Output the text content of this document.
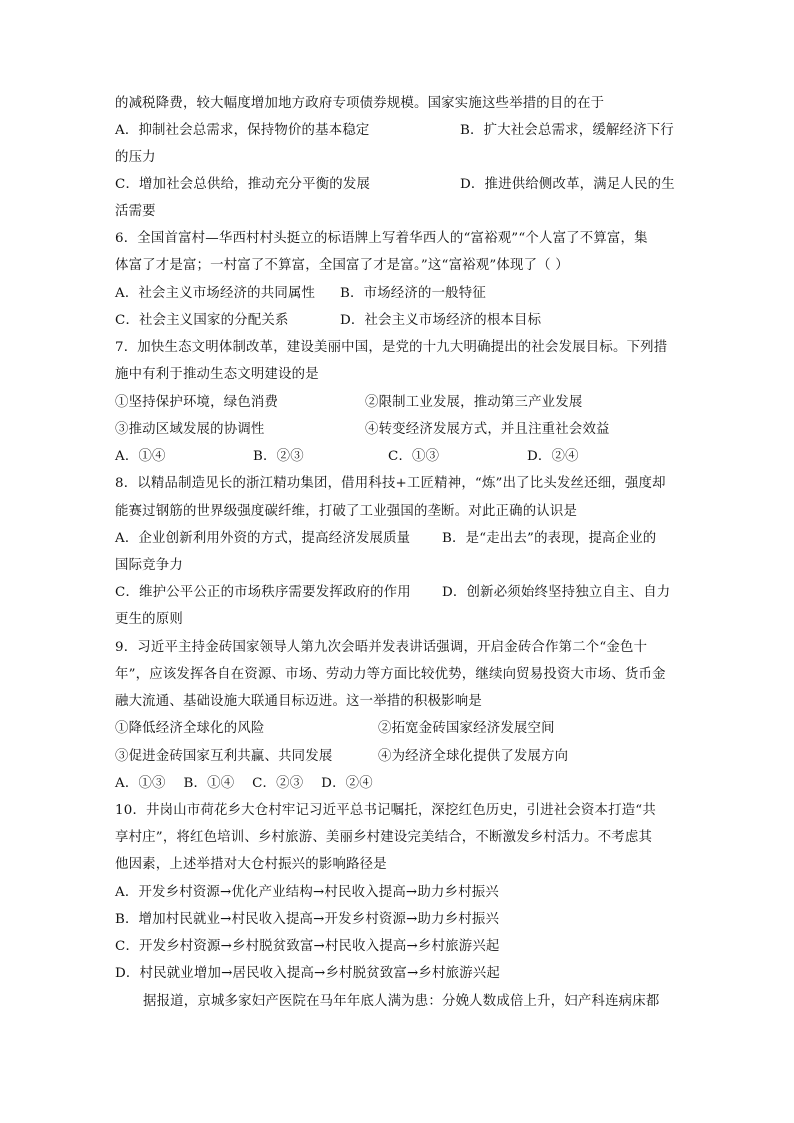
的减税降费，较大幅度增加地方政府专项债券规模。国家实施这些举措的目的在于
A．抑制社会总需求，保持物价的基本稳定	B．扩大社会总需求，缓解经济下行
的压力
C．增加社会总供给，推动充分平衡的发展	D．推进供给侧改革，满足人民的生
活需要
6．全国首富村—华西村村头挺立的标语牌上写着华西人的“富裕观”“个人富了不算富，集
体富了才是富；一村富了不算富，全国富了才是富。”这“富裕观”体现了（ ）
A．社会主义市场经济的共同属性 B．市场经济的一般特征
C．社会主义国家的分配关系	D．社会主义市场经济的根本目标
7．加快生态文明体制改革，建设美丽中国，是党的十九大明确提出的社会发展目标。下列措
施中有利于推动生态文明建设的是
①坚持保护环境，绿色消费	②限制工业发展，推动第三产业发展
③推动区域发展的协调性	④转变经济发展方式，并且注重社会效益
A．①④	B．②③	C．①③	D．②④
8．以精品制造见长的浙江精功集团，借用科技+工匠精神，“炼”出了比头发丝还细，强度却
能赛过钢筋的世界级强度碳纤维，打破了工业强国的垄断。对此正确的认识是
A．企业创新利用外资的方式，提高经济发展质量 B．是“走出去”的表现，提高企业的
国际竞争力
C．维护公平公正的市场秩序需要发挥政府的作用 D．创新必须始终坚持独立自主、自力
更生的原则
9．习近平主持金砖国家领导人第九次会晤并发表讲话强调，开启金砖合作第二个“金色十
年”，应该发挥各自在资源、市场、劳动力等方面比较优势，继续向贸易投资大市场、货币金
融大流通、基础设施大联通目标迈进。这一举措的积极影响是
①降低经济全球化的风险	②拓宽金砖国家经济发展空间
③促进金砖国家互利共赢、共同发展	④为经济全球化提供了发展方向
A．①③    B．①④    C．②③    D．②④
10．井岗山市荷花乡大仓村牢记习近平总书记嘱托，深挖红色历史，引进社会资本打造“共
享村庄”，将红色培训、乡村旅游、美丽乡村建设完美结合，不断激发乡村活力。不考虑其
他因素，上述举措对大仓村振兴的影响路径是
A．开发乡村资源→优化产业结构→村民收入提高→助力乡村振兴
B．增加村民就业→村民收入提高→开发乡村资源→助力乡村振兴
C．开发乡村资源→乡村脱贫致富→村民收入提高→乡村旅游兴起
D．村民就业增加→居民收入提高→乡村脱贫致富→乡村旅游兴起
据报道，京城多家妇产医院在马年年底人满为患：分娩人数成倍上升，妇产科连病床都
